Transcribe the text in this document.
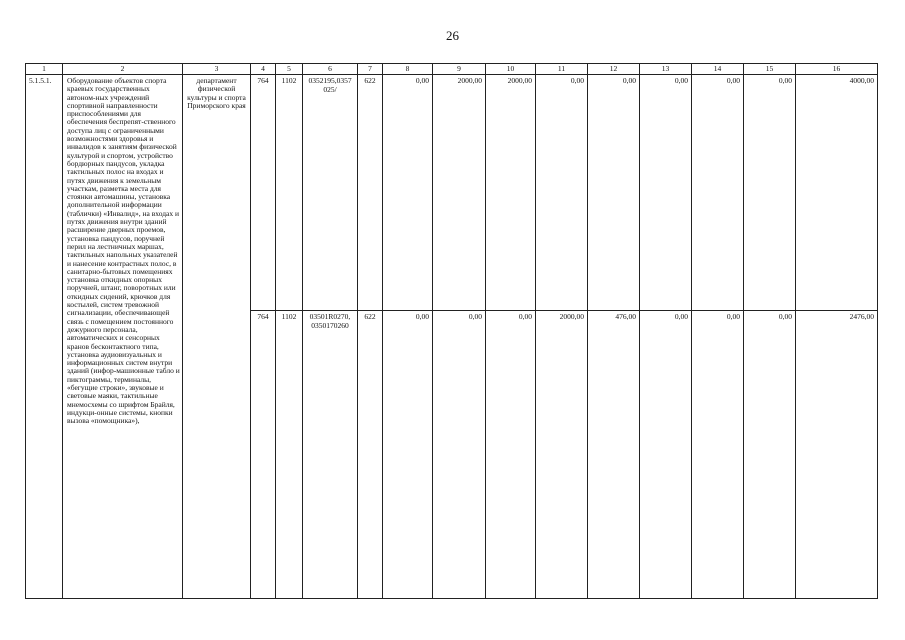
26
1	2	3	4	5	6	7	8	9	10	11	12	13	14	15	16
5.1.5.1.	Оборудование объектов спорта краевых государственных автоном-ных учреждений спортивной направленности приспособлениями для обеспечения беспрепят-ственного доступа лиц с ограниченными возможностями здоровья и инвалидов к занятиям физической культурой и спортом, устройство бордюрных пандусов, укладка тактильных полос на входах и путях движения к земельным участкам, разметка места для стоянки автомашины, установка дополнительной информации (таблички) «Инвалид», на входах и путях движения внутри зданий расширение дверных проемов, установка пандусов, поручней перил на лестничных маршах, тактильных напольных указателей и нанесение контрастных полос, в санитарно-бытовых помещениях установка откидных опорных поручней, штанг, поворотных или откидных сидений, крючков для костылей, систем тревожной сигнализации, обеспечивающей связь с помещением постоянного дежурного персонала, автоматических и сенсорных кранов бесконтактного типа, установка аудиовизуальных и информационных систем внутри зданий (инфор-машионные табло и пиктограммы, терминалы, «бегущие строки», звуковые и световые маяки, тактильные мнемосхемы со шрифтом Брайля, индукци-онные системы, кнопки вызова «помощника»),	департамент физической культуры и спорта Приморского края	764	1102	0352195,0357 025/	622	0,00	2000,00	2000,00	0,00	0,00	0,00	0,00	0,00	4000,00
			764	1102	03501R0270, 0350170260	622	0,00	0,00	0,00	2000,00	476,00	0,00	0,00	0,00	2476,00
